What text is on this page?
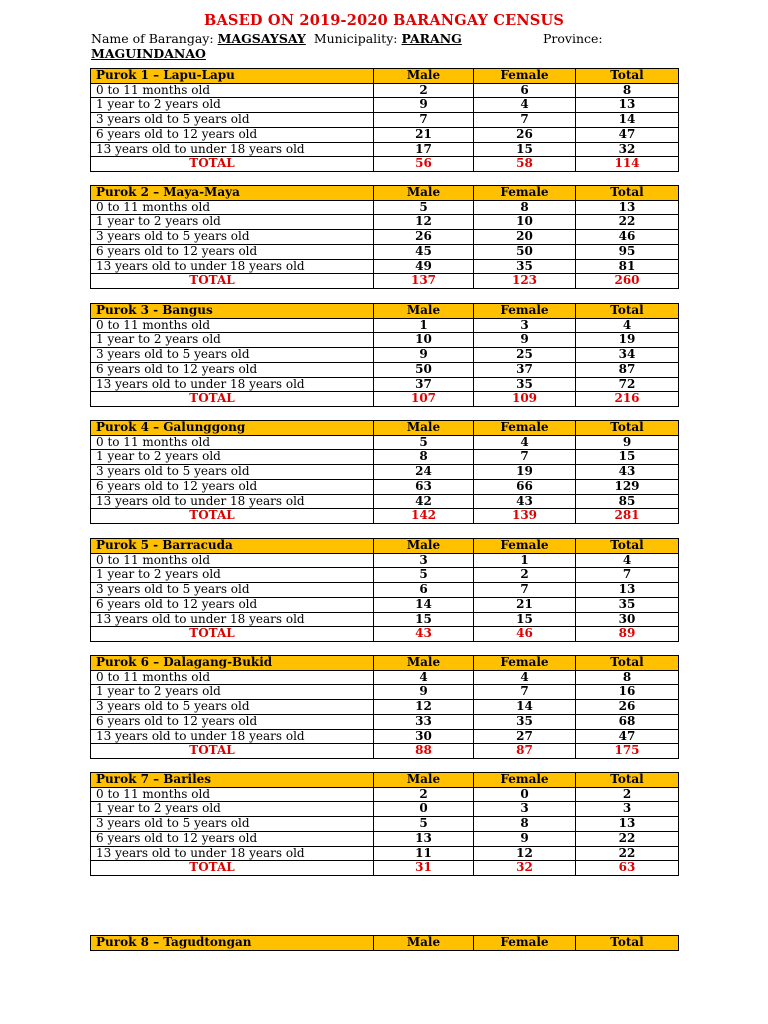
BASED ON 2019-2020 BARANGAY CENSUS
Name of Barangay: MAGSAYSAY Municipality: PARANG	Province:

MAGUINDANAO
Purok 1 – Lapu-Lapu	Male	Female	Total
0 to 11 months old	2	6	8
1 year to 2 years old	9	4	13
3 years old to 5 years old	7	7	14
6 years old to 12 years old	21	26	47
13 years old to under 18 years old	17	15	32
TOTAL	56	58	114
Purok 2 – Maya-Maya	Male	Female	Total
0 to 11 months old	5	8	13
1 year to 2 years old	12	10	22
3 years old to 5 years old	26	20	46
6 years old to 12 years old	45	50	95
13 years old to under 18 years old	49	35	81
TOTAL	137	123	260
Purok 3 - Bangus	Male	Female	Total
0 to 11 months old	1	3	4
1 year to 2 years old	10	9	19
3 years old to 5 years old	9	25	34
6 years old to 12 years old	50	37	87
13 years old to under 18 years old	37	35	72
TOTAL	107	109	216
Purok 4 – Galunggong	Male	Female	Total
0 to 11 months old	5	4	9
1 year to 2 years old	8	7	15
3 years old to 5 years old	24	19	43
6 years old to 12 years old	63	66	129
13 years old to under 18 years old	42	43	85
TOTAL	142	139	281
Purok 5 - Barracuda	Male	Female	Total
0 to 11 months old	3	1	4
1 year to 2 years old	5	2	7
3 years old to 5 years old	6	7	13
6 years old to 12 years old	14	21	35
13 years old to under 18 years old	15	15	30
TOTAL	43	46	89
Purok 6 – Dalagang-Bukid	Male	Female	Total
0 to 11 months old	4	4	8
1 year to 2 years old	9	7	16
3 years old to 5 years old	12	14	26
6 years old to 12 years old	33	35	68
13 years old to under 18 years old	30	27	47
TOTAL	88	87	175
Purok 7 – Bariles	Male	Female	Total
0 to 11 months old	2	0	2
1 year to 2 years old	0	3	3
3 years old to 5 years old	5	8	13
6 years old to 12 years old	13	9	22
13 years old to under 18 years old	11	12	22
TOTAL	31	32	63
Purok 8 – Tagudtongan	Male	Female	Total
